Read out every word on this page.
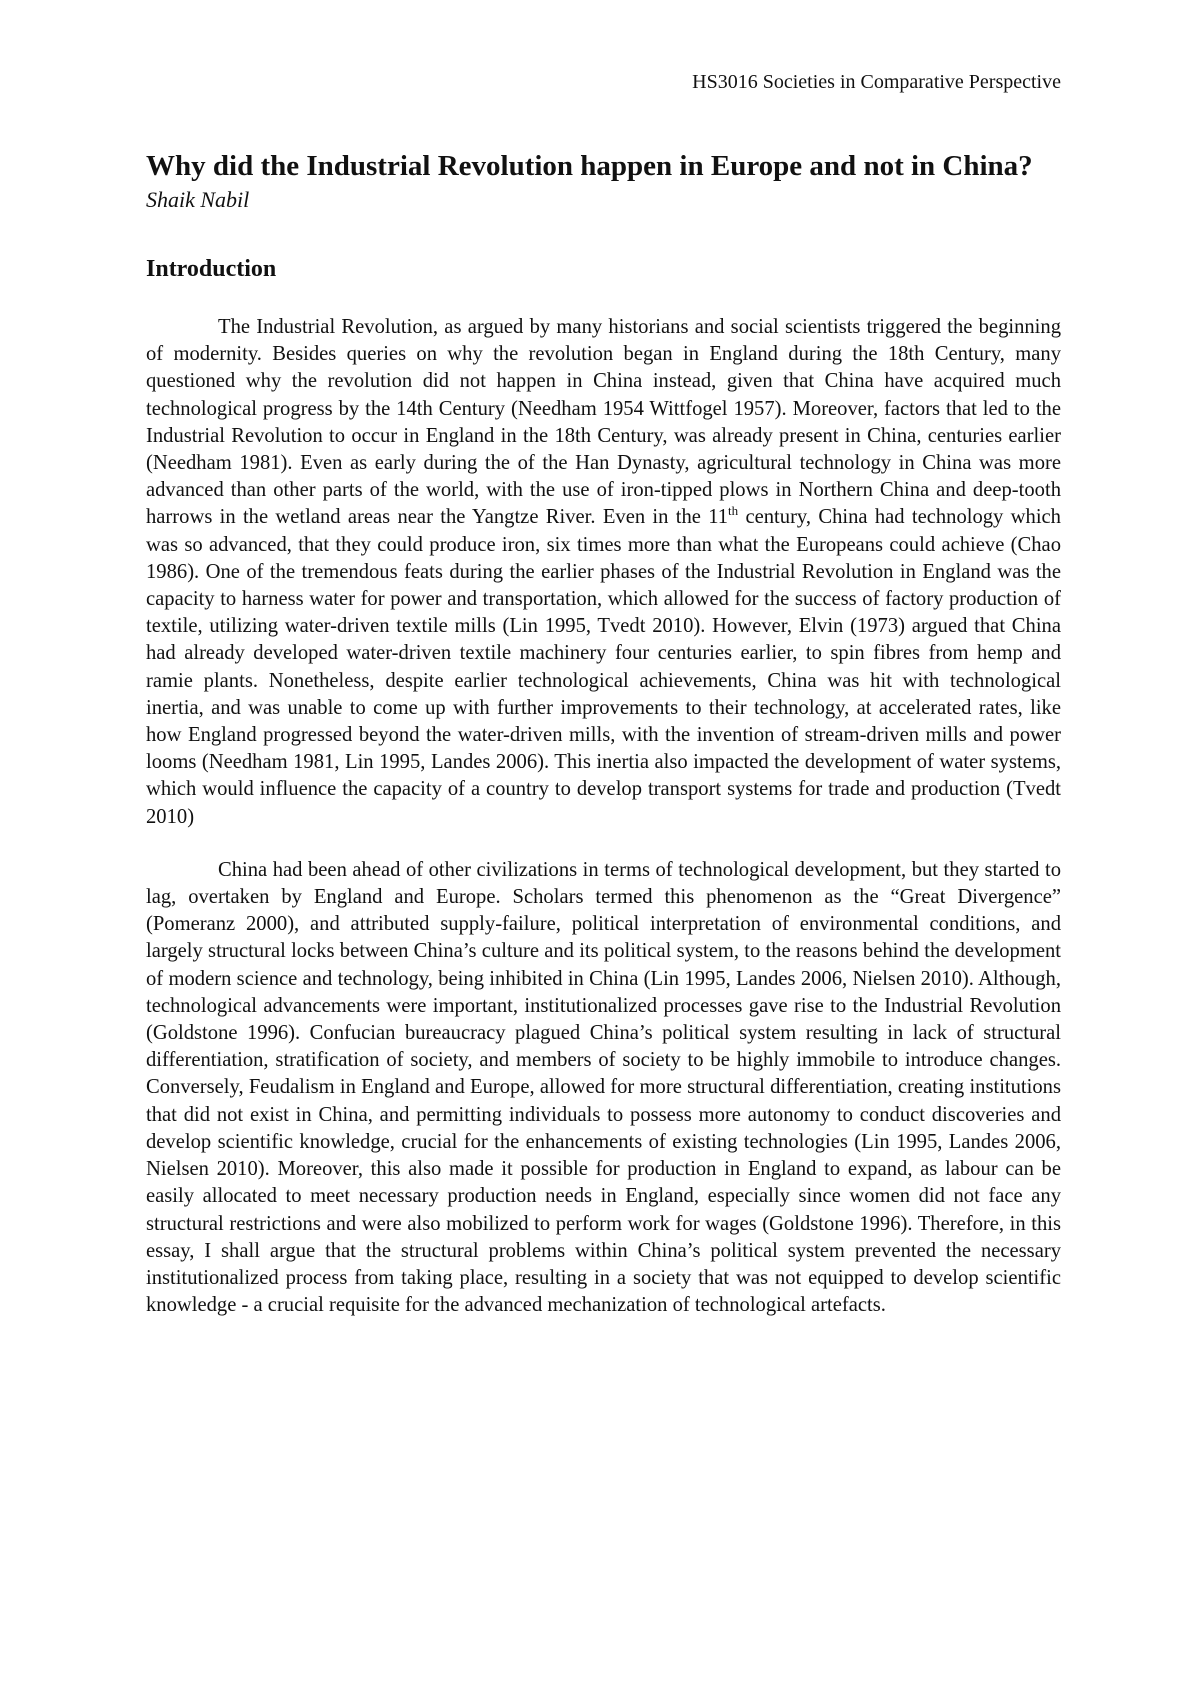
HS3016 Societies in Comparative Perspective
Why did the Industrial Revolution happen in Europe and not in China?
Shaik Nabil
Introduction

The Industrial Revolution, as argued by many historians and social scientists triggered the beginning of modernity. Besides queries on why the revolution began in England during the 18th Century, many questioned why the revolution did not happen in China instead, given that China have acquired much technological progress by the 14th Century (Needham 1954 Wittfogel 1957). Moreover, factors that led to the Industrial Revolution to occur in England in the 18th Century, was already present in China, centuries earlier (Needham 1981). Even as early during the of the Han Dynasty, agricultural technology in China was more advanced than other parts of the world, with the use of iron-tipped plows in Northern China and deep-tooth harrows in the wetland areas near the Yangtze River. Even in the 11th century, China had technology which was so advanced, that they could produce iron, six times more than what the Europeans could achieve (Chao 1986). One of the tremendous feats during the earlier phases of the Industrial Revolution in England was the capacity to harness water for power and transportation, which allowed for the success of factory production of textile, utilizing water-driven textile mills (Lin 1995, Tvedt 2010). However, Elvin (1973) argued that China had already developed water-driven textile machinery four centuries earlier, to spin fibres from hemp and ramie plants. Nonetheless, despite earlier technological achievements, China was hit with technological inertia, and was unable to come up with further improvements to their technology, at accelerated rates, like how England progressed beyond the water-driven mills, with the invention of stream-driven mills and power looms (Needham 1981, Lin 1995, Landes 2006). This inertia also impacted the development of water systems, which would influence the capacity of a country to develop transport systems for trade and production (Tvedt 2010)

China had been ahead of other civilizations in terms of technological development, but they started to lag, overtaken by England and Europe. Scholars termed this phenomenon as the “Great Divergence” (Pomeranz 2000), and attributed supply-failure, political interpretation of environmental conditions, and largely structural locks between China’s culture and its political system, to the reasons behind the development of modern science and technology, being inhibited in China (Lin 1995, Landes 2006, Nielsen 2010). Although, technological advancements were important, institutionalized processes gave rise to the Industrial Revolution (Goldstone 1996). Confucian bureaucracy plagued China’s political system resulting in lack of structural differentiation, stratification of society, and members of society to be highly immobile to introduce changes. Conversely, Feudalism in England and Europe, allowed for more structural differentiation, creating institutions that did not exist in China, and permitting individuals to possess more autonomy to conduct discoveries and develop scientific knowledge, crucial for the enhancements of existing technologies (Lin 1995, Landes 2006, Nielsen 2010). Moreover, this also made it possible for production in England to expand, as labour can be easily allocated to meet necessary production needs in England, especially since women did not face any structural restrictions and were also mobilized to perform work for wages (Goldstone 1996). Therefore, in this essay, I shall argue that the structural problems within China’s political system prevented the necessary institutionalized process from taking place, resulting in a society that was not equipped to develop scientific knowledge - a crucial requisite for the advanced mechanization of technological artefacts.
